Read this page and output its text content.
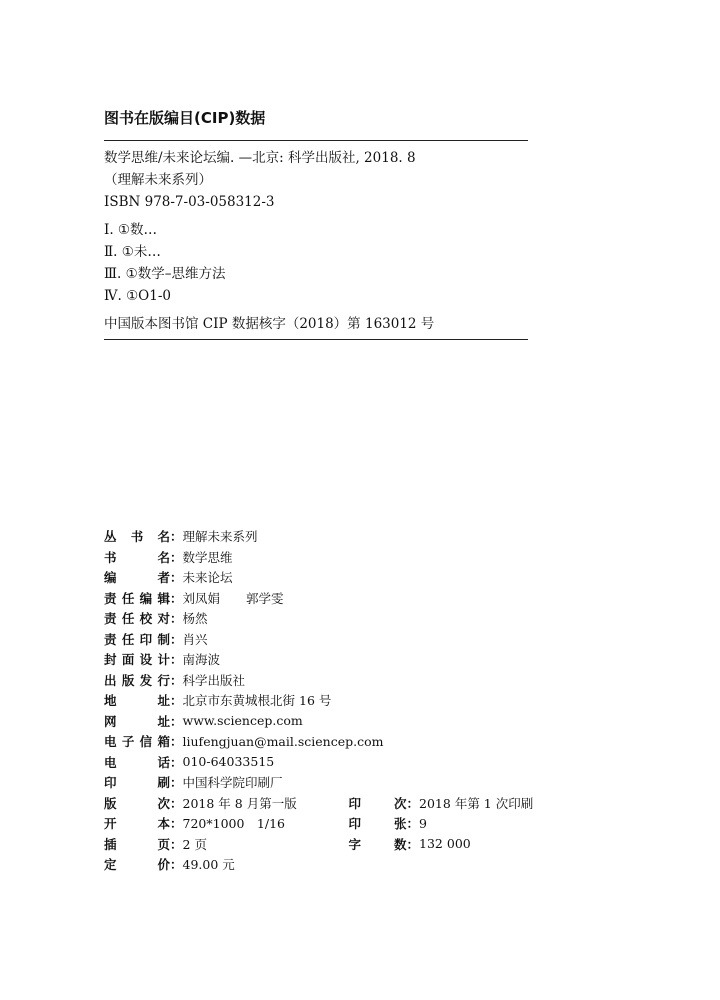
图书在版编目(CIP)数据
数学思维/未来论坛编. —北京: 科学出版社, 2018. 8
（理解未来系列）
ISBN 978-7-03-058312-3
Ⅰ. ①数…
Ⅱ. ①未…
Ⅲ. ①数学–思维方法
Ⅳ. ①O1-0
中国版本图书馆 CIP 数据核字（2018）第 163012 号
丛 书 名 ： 理解未来系列
书	名 ： 数学思维
编	者 ： 未来论坛
责 任 编 辑 ： 刘凤娟 郭学雯
责 任 校 对 ： 杨然
责 任 印 制 ： 肖兴
封 面 设 计 ： 南海波
出 版 发 行 ： 科学出版社
地	址 ： 北京市东黄城根北街 16 号
网	址 ： www.sciencep.com
电 子 信 箱 ： liufengjuan@mail.sciencep.com
电	话 ： 010-64033515
印	刷 ： 中国科学院印刷厂
版	次 ： 2018 年 8 月第一版	印	次 ： 2018 年第 1 次印刷
开	本 ： 720*1000　1/16	印	张 ： 9
插	页 ： 2 页	字	数 ： 132 000
定	价 ： 49.00 元
